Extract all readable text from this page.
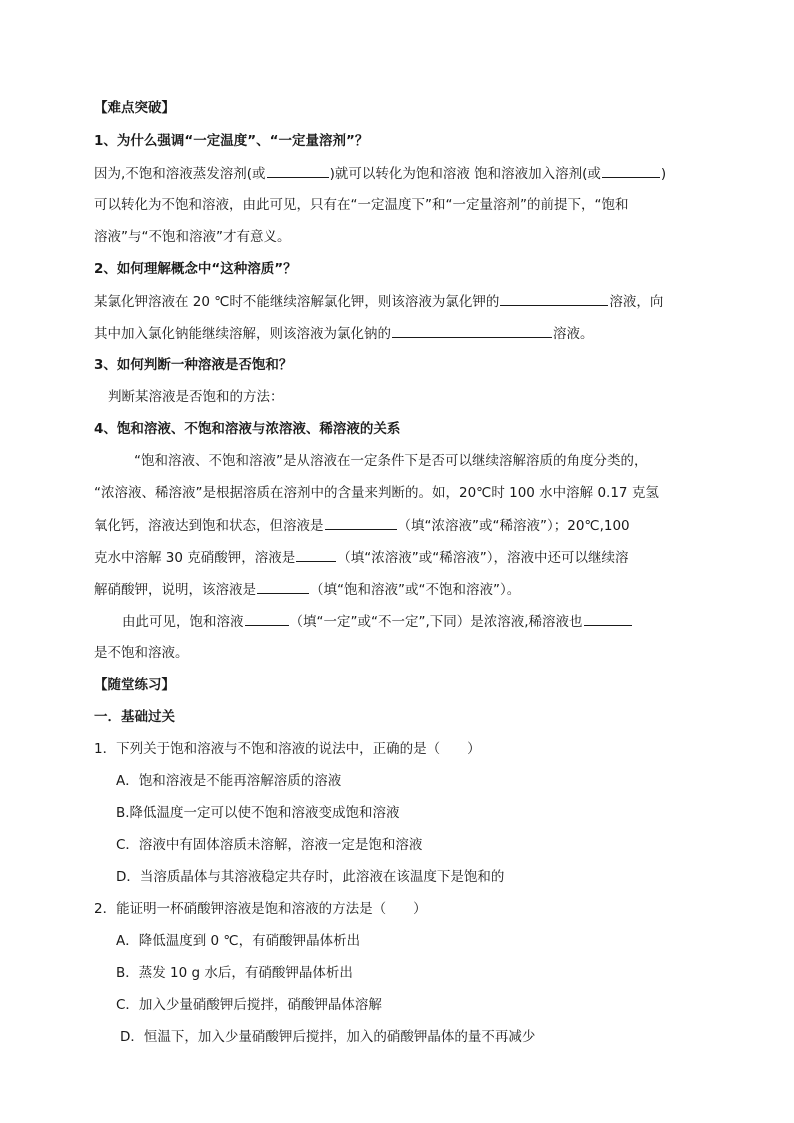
【难点突破】
1、为什么强调“一定温度”、“一定量溶剂”？
因为,不饱和溶液蒸发溶剂(或	)就可以转化为饱和溶液 饱和溶液加入溶剂(或	)
可以转化为不饱和溶液，由此可见，只有在“一定温度下”和“一定量溶剂”的前提下，“饱和
溶液”与“不饱和溶液”才有意义。
2、如何理解概念中“这种溶质”？
某氯化钾溶液在 20 ℃时不能继续溶解氯化钾，则该溶液为氯化钾的	溶液，向
其中加入氯化钠能继续溶解，则该溶液为氯化钠的	溶液。
3、如何判断一种溶液是否饱和？
判断某溶液是否饱和的方法：
4、饱和溶液、不饱和溶液与浓溶液、稀溶液的关系
“饱和溶液、不饱和溶液”是从溶液在一定条件下是否可以继续溶解溶质的角度分类的，
“浓溶液、稀溶液”是根据溶质在溶剂中的含量来判断的。如，20℃时 100 水中溶解 0.17 克氢
氧化钙，溶液达到饱和状态，但溶液是	（填“浓溶液”或“稀溶液”）；20℃,100
克水中溶解 30 克硝酸钾，溶液是	（填“浓溶液”或“稀溶液”），溶液中还可以继续溶
解硝酸钾，说明，该溶液是	（填“饱和溶液”或“不饱和溶液”）。
由此可见，饱和溶液	（填“一定”或“不一定”,下同）是浓溶液,稀溶液也
是不饱和溶液。
【随堂练习】
一．基础过关
1．下列关于饱和溶液与不饱和溶液的说法中，正确的是（　　）
A．饱和溶液是不能再溶解溶质的溶液
B.降低温度一定可以使不饱和溶液变成饱和溶液
C．溶液中有固体溶质未溶解，溶液一定是饱和溶液
D．当溶质晶体与其溶液稳定共存时，此溶液在该温度下是饱和的
2．能证明一杯硝酸钾溶液是饱和溶液的方法是（　　）
A．降低温度到 0 ℃，有硝酸钾晶体析出
B．蒸发 10 g 水后，有硝酸钾晶体析出
C．加入少量硝酸钾后搅拌，硝酸钾晶体溶解
D．恒温下，加入少量硝酸钾后搅拌，加入的硝酸钾晶体的量不再减少
